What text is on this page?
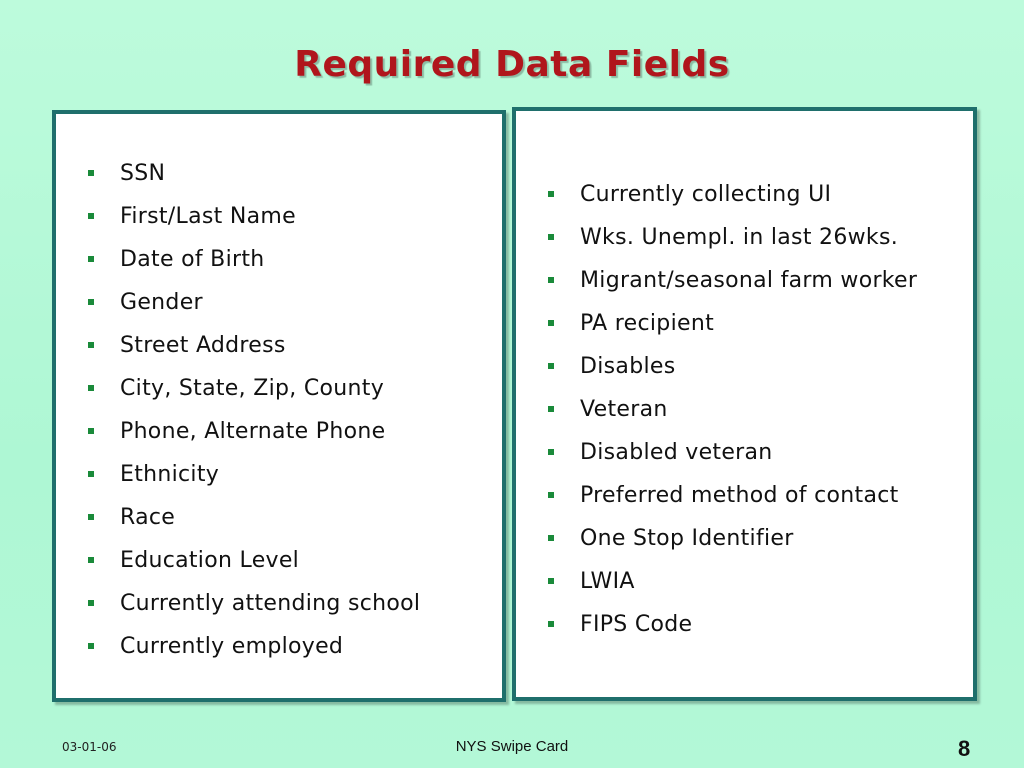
Required Data Fields
SSN
First/Last Name
Date of Birth
Gender
Street Address
City, State, Zip, County
Phone, Alternate Phone
Ethnicity
Race
Education Level
Currently attending school
Currently employed
Currently collecting UI
Wks. Unempl. in last 26wks.
Migrant/seasonal farm worker
PA recipient
Disables
Veteran
Disabled veteran
Preferred method of contact
One Stop Identifier
LWIA
FIPS Code
03-01-06	NYS Swipe Card	8
